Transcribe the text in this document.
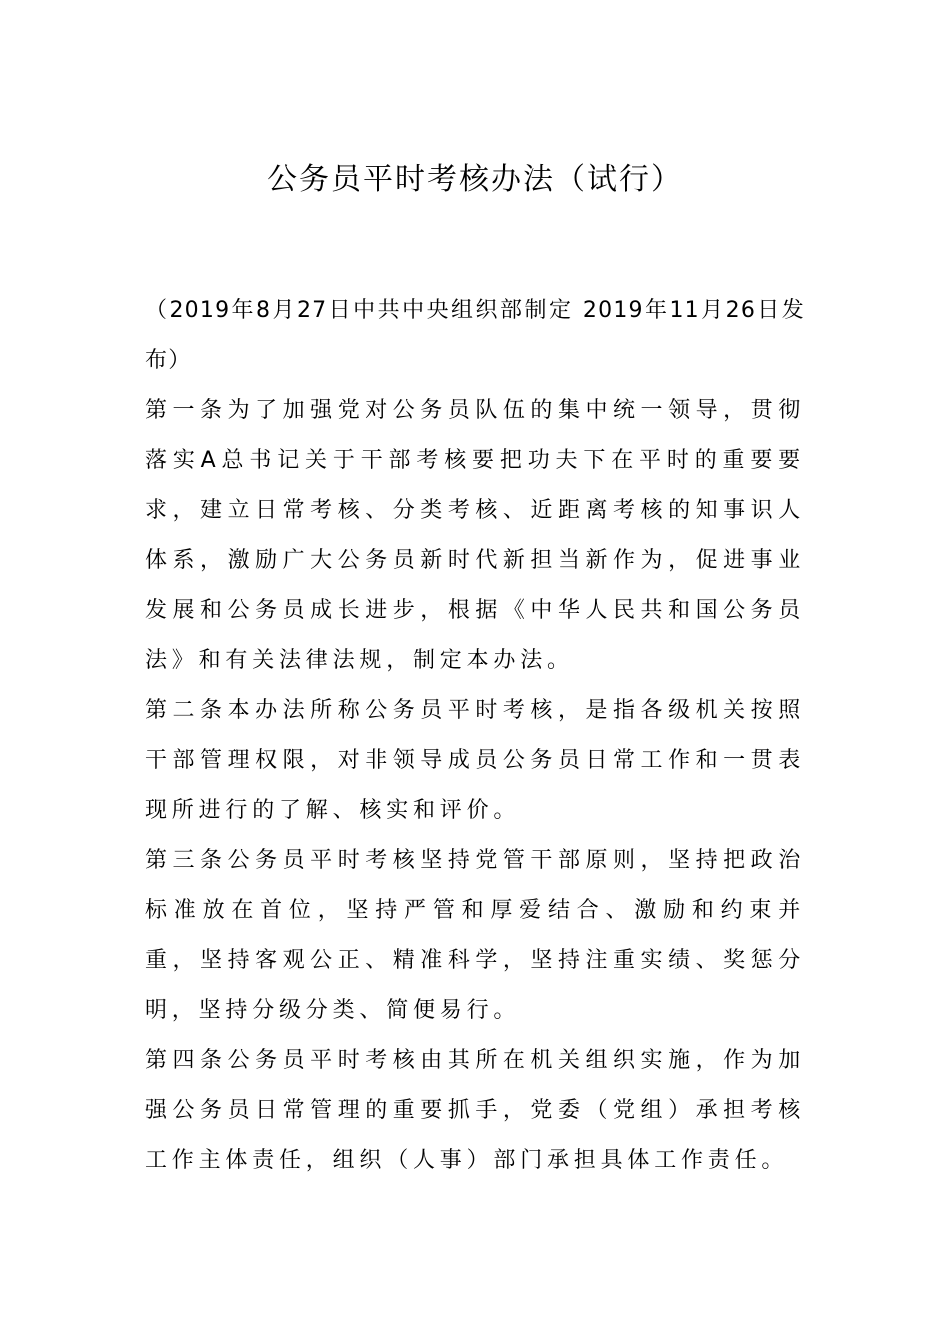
公务员平时考核办法（试行）

（2019年8月27日中共中央组织部制定 2019年11月26日发布）

第一条为了加强党对公务员队伍的集中统一领导，贯彻落实A总书记关于干部考核要把功夫下在平时的重要要求，建立日常考核、分类考核、近距离考核的知事识人体系，激励广大公务员新时代新担当新作为，促进事业发展和公务员成长进步，根据《中华人民共和国公务员法》和有关法律法规，制定本办法。

第二条本办法所称公务员平时考核，是指各级机关按照干部管理权限，对非领导成员公务员日常工作和一贯表现所进行的了解、核实和评价。

第三条公务员平时考核坚持党管干部原则，坚持把政治标准放在首位，坚持严管和厚爱结合、激励和约束并重，坚持客观公正、精准科学，坚持注重实绩、奖惩分明，坚持分级分类、简便易行。

第四条公务员平时考核由其所在机关组织实施，作为加强公务员日常管理的重要抓手，党委（党组）承担考核工作主体责任，组织（人事）部门承担具体工作责任。
